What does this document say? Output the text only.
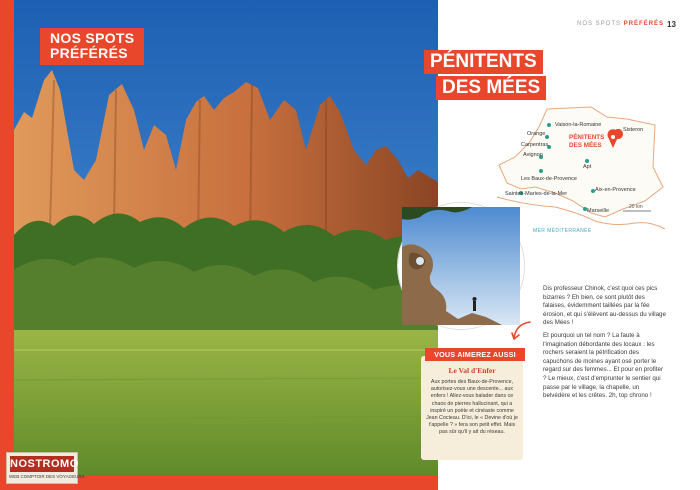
NOS SPOTS
PRÉFÉRÉS
NOSTROMO
WEB COMPTOIR DES VOYAGEURS
NOS SPOTS PRÉFÉRÉS 13
PÉNITENTS
DES MÉES
Vaison-la-Romaine
Orange
Carpentras
Avignon
Sisteron
Apt
Les Baux-de-Provence
Saintes-Maries-de-la-Mer
Aix-en-Provence
Marseille
PÉNITENTS
DES MÉES
20 km
MER MÉDITERRANÉE

Dis professeur Chinok, c'est quoi ces pics bizarres ? Eh bien, ce sont plutôt des falaises, évidemment taillées par la fée érosion, et qui s'élèvent au-dessus du village des Mées !

Et pourquoi un tel nom ? La faute à l'imagination débordante des locaux : les rochers seraient la pétrification des capuchons de moines ayant osé porter le regard sur des femmes... Et pour en profiter ? Le mieux, c'est d'emprunter le sentier qui passe par le village, la chapelle, un belvédère et les crêtes. 2h, top chrono !

VOUS AIMEREZ AUSSI
Le Val d'Enfer
Aux portes des Baux-de-Provence, autorisez-vous une descente... aux enfers ! Allez-vous balader dans ce chaos de pierres hallucinant, qui a inspiré un poète et cinéaste comme Jean Cocteau. D'ici, le « Devine d'où je t'appelle ? » fera son petit effet. Mais pas sûr qu'il y ait du réseau.
